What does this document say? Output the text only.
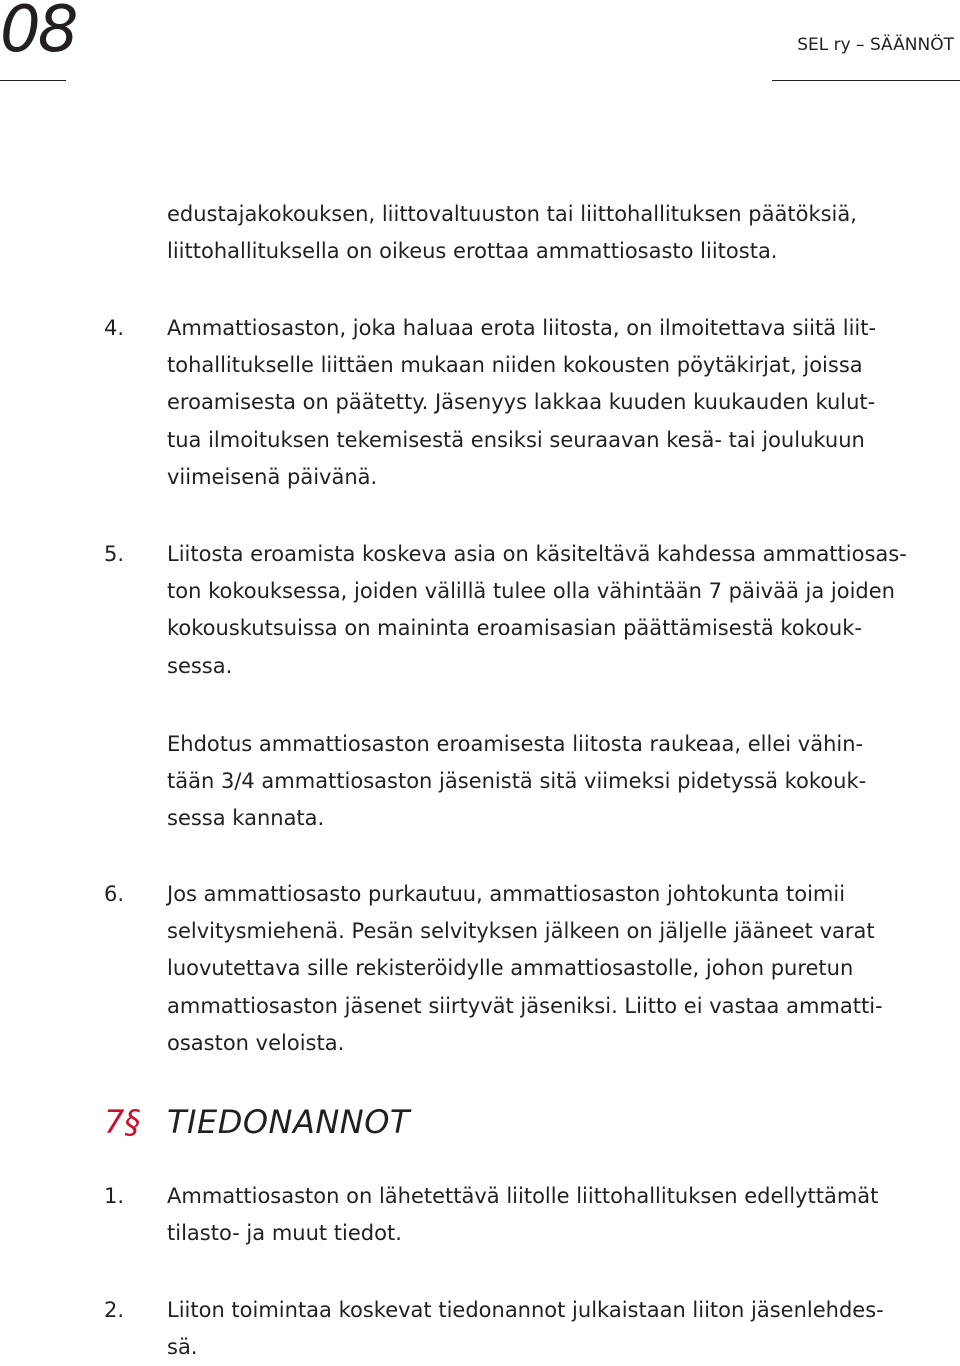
08	SEL ry – SÄÄNNÖT

edustajakokouksen, liittovaltuuston tai liittohallituksen päätöksiä,
liittohallituksella on oikeus erottaa ammattiosasto liitosta.

4. Ammattiosaston, joka haluaa erota liitosta, on ilmoitettava siitä liit-
tohallitukselle liittäen mukaan niiden kokousten pöytäkirjat, joissa
eroamisesta on päätetty. Jäsenyys lakkaa kuuden kuukauden kulut-
tua ilmoituksen tekemisestä ensiksi seuraavan kesä- tai joulukuun
viimeisenä päivänä.

5. Liitosta eroamista koskeva asia on käsiteltävä kahdessa ammattiosas-
ton kokouksessa, joiden välillä tulee olla vähintään 7 päivää ja joiden
kokouskutsuissa on maininta eroamisasian päättämisestä kokouk-
sessa.

Ehdotus ammattiosaston eroamisesta liitosta raukeaa, ellei vähin-
tään 3/4 ammattiosaston jäsenistä sitä viimeksi pidetyssä kokouk-
sessa kannata.

6. Jos ammattiosasto purkautuu, ammattiosaston johtokunta toimii
selvitysmiehenä. Pesän selvityksen jälkeen on jäljelle jääneet varat
luovutettava sille rekisteröidylle ammattiosastolle, johon puretun
ammattiosaston jäsenet siirtyvät jäseniksi. Liitto ei vastaa ammatti-
osaston veloista.

7§ TIEDONANNOT

1. Ammattiosaston on lähetettävä liitolle liittohallituksen edellyttämät
tilasto- ja muut tiedot.

2. Liiton toimintaa koskevat tiedonannot julkaistaan liiton jäsenlehdes-
sä.
